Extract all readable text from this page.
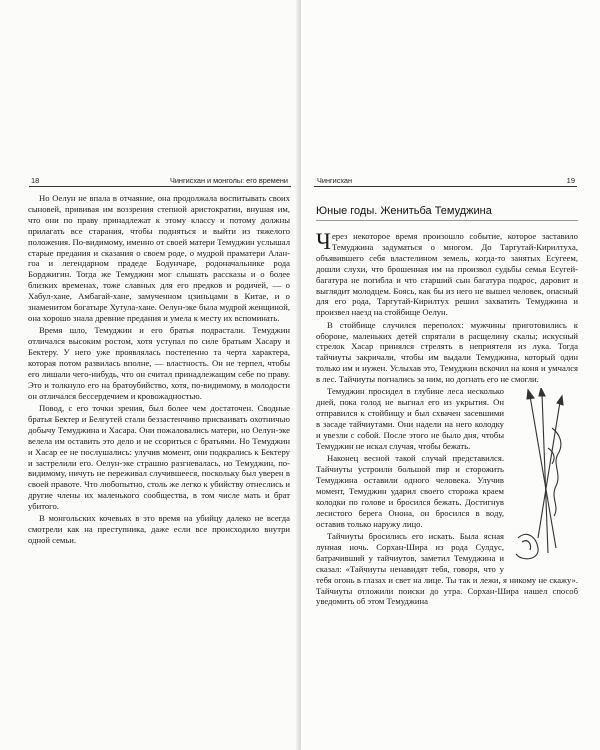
18	Чингисхан и монголы: его времени

Но Оелун не впала в отчаяние, она продолжала воспитывать своих сыновей, прививая им воззрения степной аристократии, внушая им, что они по праву принадлежат к этому классу и потому должны прилагать все старания, чтобы подняться и выйти из тяжелого положения. По-видимому, именно от своей матери Темуджин услышал старые предания и сказания о своем роде, о мудрой праматери Алан-гоа и легендарном прадеде Бодунчаре, родоначальнике рода Борджигин. Тогда же Темуджин мог слышать рассказы и о более близких временах, тоже славных для его предков и родичей, — о Хабул-хане, Амбагай-хане, замученном цзиньцами в Китае, и о знаменитом богатыре Хутула-хане. Оелун-эке была мудрой женщиной, она хорошо знала древние предания и умела к месту их вспоминать.

Время шло, Темуджин и его братья подрастали. Темуджин отличался высоким ростом, хотя уступал по силе братьям Хасару и Бектеру. У него уже проявлялась постепенно та черта характера, которая потом развилась вполне, — властность. Он не терпел, чтобы его лишали чего-нибудь, что он считал принадлежащим себе по праву. Это и толкнуло его на братоубийство, хотя, по-видимому, в молодости он отличался бессердечием и кровожадностью.

Повод, с его точки зрения, был более чем достаточен. Сводные братья Бектер и Белгутей стали беззастенчиво присваивать охотничью добычу Темуджина и Хасара. Они пожаловались матери, но Оелун-эке велела им оставить это дело и не ссориться с братьями. Но Темуджин и Хасар ее не послушались: улучив момент, они подкрались к Бектеру и застрелили его. Оелун-эке страшно разгневалась, но Темуджин, по-видимому, ничуть не переживал случившееся, поскольку был уверен в своей правоте. Что любопытно, столь же легко к убийству отнеслись и другие члены их маленького сообщества, в том числе мать и брат убитого.

В монгольских кочевьях в это время на убийцу далеко не всегда смотрели как на преступника, даже если все происходило внутри одной семьи.

Чингисхан	19
Юные годы. Женитьба Темуджина

Через некоторое время произошло событие, которое заставило Темуджина задуматься о многом. До Таргутай-Кирилтуха, объявившего себя властелином земель, когда-то занятых Есугеем, дошли слухи, что брошенная им на произвол судьбы семья Есугей-багатура не погибла и что старший сын багатура подрос, даровит и выглядит молодцем. Боясь, как бы из него не вышел человек, опасный для его рода, Таргутай-Кирилтух решил захватить Темуджина и произвел наезд на стойбище Оелун.

В стойбище случился переполох: мужчины приготовились к обороне, маленьких детей спрятали в расщелину скалы; искусный стрелок Хасар принялся стрелять в неприятеля из лука. Тогда тайчиуты закричали, чтобы им выдали Темуджина, который один только им и нужен. Услыхав это, Темуджин вскочил на коня и умчался в лес. Тайчиуты погнались за ним, но догнать его не смогли.

Темуджин просидел в глубине леса несколько дней, пока голод не выгнал его из укрытия. Он отправился к стойбищу и был схвачен засевшими в засаде тайчиутами. Они надели на него колодку и увезли с собой. После этого не было дня, чтобы Темуджин не искал случая, чтобы бежать.

Наконец весной такой случай представился. Тайчиуты устроили большой пир и сторожить Темуджина оставили одного человека. Улучив момент, Темуджин ударил своего сторожа краем колодки по голове и бросился бежать. Достигнув лесистого берега Онона, он бросился в воду, оставив только наружу лицо.

Тайчиуты бросились его искать. Была ясная лунная ночь. Сорхан-Шира из рода Сулдус, батрачивший у тайчиутов, заметил Темуджина и сказал: «Тайчиуты ненавидят тебя, говоря, что у тебя огонь в глазах и свет на лице. Ты так и лежи, я никому не скажу». Тайчиуты отложили поиски до утра. Сорхан-Шира нашел способ уведомить об этом Темуджина
